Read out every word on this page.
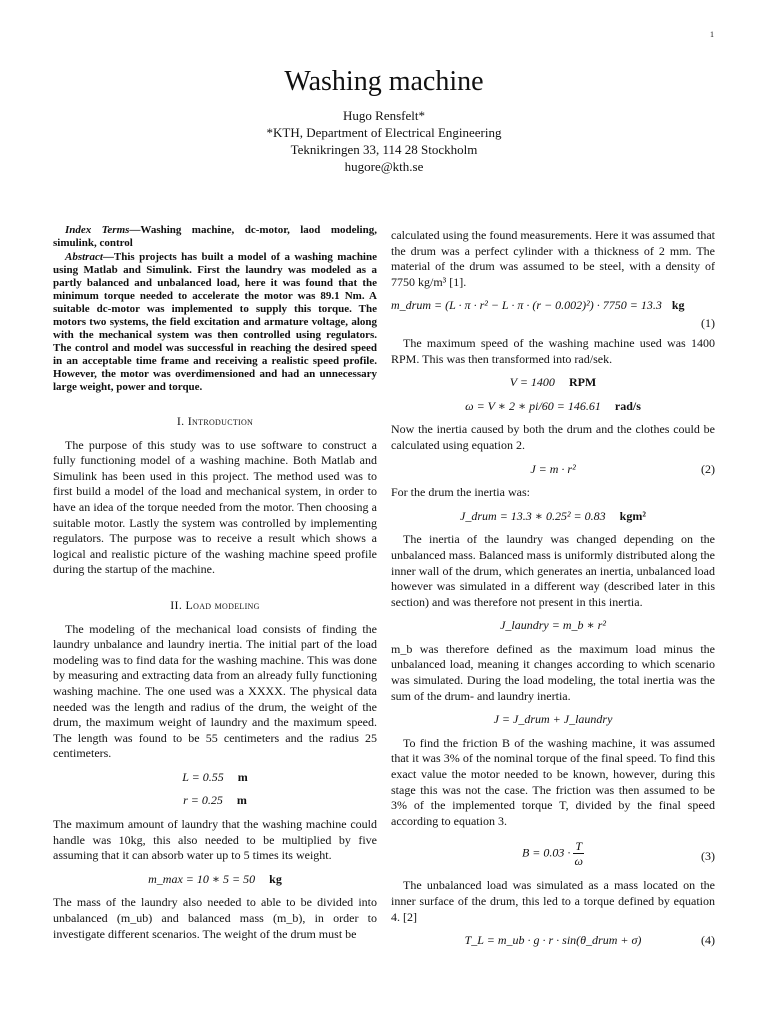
1
Washing machine
Hugo Rensfelt*
*KTH, Department of Electrical Engineering
Teknikringen 33, 114 28 Stockholm
hugore@kth.se

Index Terms—Washing machine, dc-motor, laod modeling, simulink, control

Abstract—This projects has built a model of a washing machine using Matlab and Simulink. First the laundry was modeled as a partly balanced and unbalanced load, here it was found that the minimum torque needed to accelerate the motor was 89.1 Nm. A suitable dc-motor was implemented to supply this torque. The motors two systems, the field excitation and armature voltage, along with the mechanical system was then controlled using regulators. The control and model was successful in reaching the desired speed in an acceptable time frame and receiving a realistic speed profile. However, the motor was overdimensioned and had an unnecessary large weight, power and torque.

I. Introduction

The purpose of this study was to use software to construct a fully functioning model of a washing machine. Both Matlab and Simulink has been used in this project. The method used was to first build a model of the load and mechanical system, in order to have an idea of the torque needed from the motor. Then choosing a suitable motor. Lastly the system was controlled by implementing regulators. The purpose was to receive a result which shows a logical and realistic picture of the washing machine speed profile during the startup of the machine.

II. Load modeling

The modeling of the mechanical load consists of finding the laundry unbalance and laundry inertia. The initial part of the load modeling was to find data for the washing machine. This was done by measuring and extracting data from an already fully functioning washing machine. The one used was a XXXX. The physical data needed was the length and radius of the drum, the weight of the drum, the maximum weight of laundry and the maximum speed. The length was found to be 55 centimeters and the radius 25 centimeters.

L = 0.55 m
r = 0.25 m

The maximum amount of laundry that the washing machine could handle was 10kg, this also needed to be multiplied by five assuming that it can absorb water up to 5 times its weight.

m_max = 10 ∗ 5 = 50 kg

The mass of the laundry also needed to able to be divided into unbalanced (m_ub) and balanced mass (m_b), in order to investigate different scenarios. The weight of the drum must be

calculated using the found measurements. Here it was assumed that the drum was a perfect cylinder with a thickness of 2 mm. The material of the drum was assumed to be steel, with a density of 7750 kg/m³ [1].

m_drum = (L · π · r² − L · π · (r − 0.002)²) · 7750 = 13.3 kg
(1)

The maximum speed of the washing machine used was 1400 RPM. This was then transformed into rad/sek.

V = 1400 RPM
ω = V ∗ 2 ∗ pi/60 = 146.61 rad/s

Now the inertia caused by both the drum and the clothes could be calculated using equation 2.

J = m · r²	(2)

For the drum the inertia was:

J_drum = 13.3 ∗ 0.25² = 0.83 kgm²

The inertia of the laundry was changed depending on the unbalanced mass. Balanced mass is uniformly distributed along the inner wall of the drum, which generates an inertia, unbalanced load however was simulated in a different way (described later in this section) and was therefore not present in this inertia.

J_laundry = m_b ∗ r²

m_b was therefore defined as the maximum load minus the unbalanced load, meaning it changes according to which scenario was simulated. During the load modeling, the total inertia was the sum of the drum- and laundry inertia.

J = J_drum + J_laundry

To find the friction B of the washing machine, it was assumed that it was 3% of the nominal torque of the final speed. To find this exact value the motor needed to be known, however, during this stage this was not the case. The friction was then assumed to be 3% of the implemented torque T, divided by the final speed according to equation 3.

$B = 0.03 \cdot \frac{T}{\omega}$	(3)

The unbalanced load was simulated as a mass located on the inner surface of the drum, this led to a torque defined by equation 4. [2]

T_L = m_ub · g · r · sin(θ_drum + σ)	(4)
